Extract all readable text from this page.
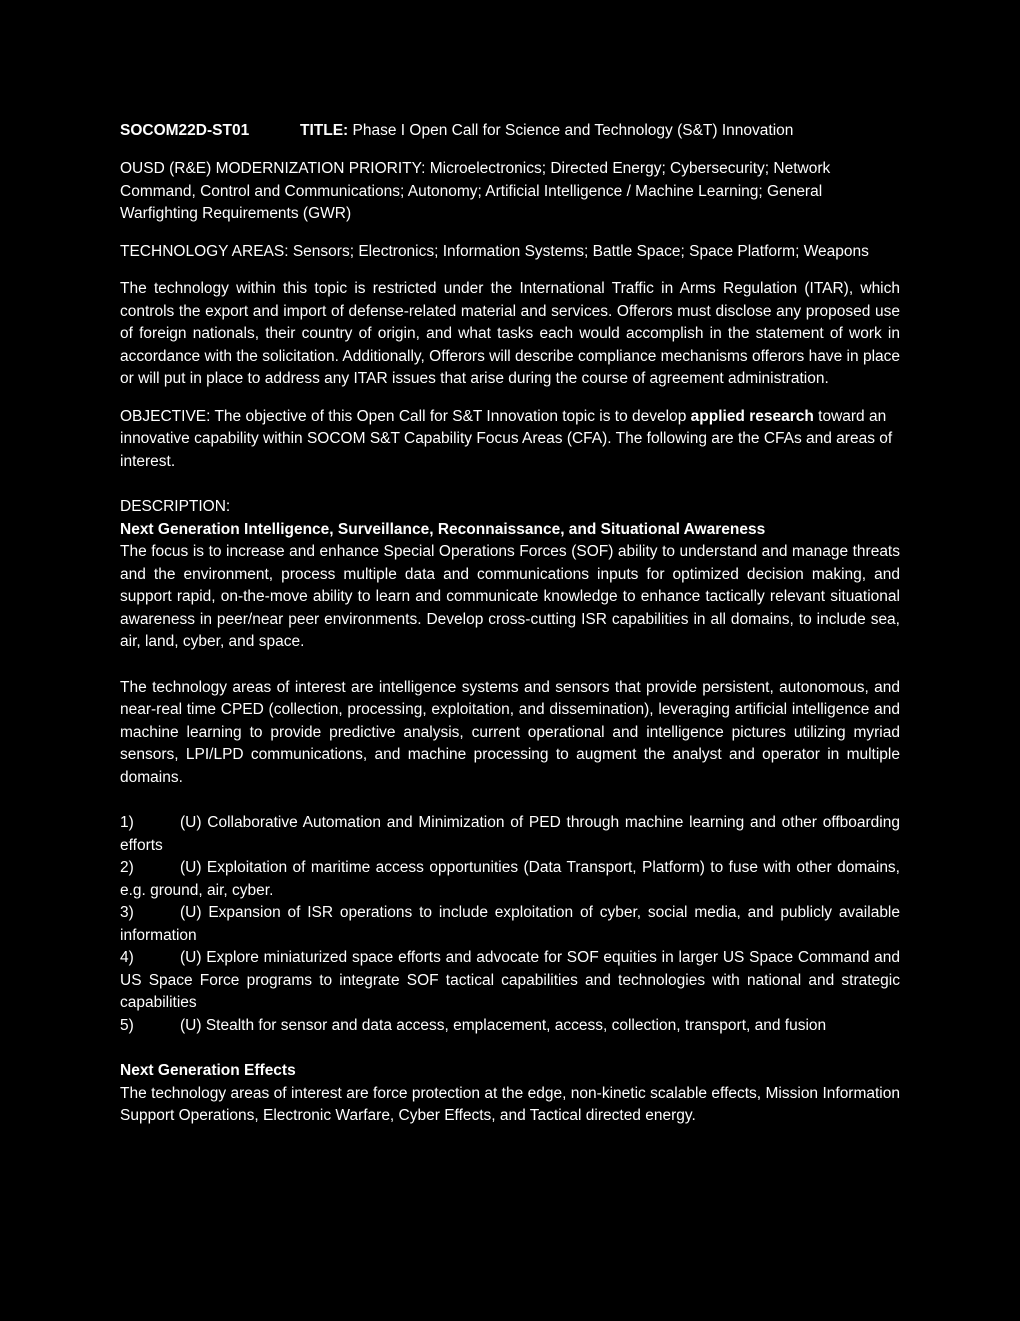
SOCOM22D-ST01	TITLE: Phase I Open Call for Science and Technology (S&T) Innovation

OUSD (R&E) MODERNIZATION PRIORITY: Microelectronics; Directed Energy; Cybersecurity; Network Command, Control and Communications; Autonomy; Artificial Intelligence / Machine Learning; General Warfighting Requirements (GWR)

TECHNOLOGY AREAS: Sensors; Electronics; Information Systems; Battle Space; Space Platform; Weapons

The technology within this topic is restricted under the International Traffic in Arms Regulation (ITAR), which controls the export and import of defense-related material and services. Offerors must disclose any proposed use of foreign nationals, their country of origin, and what tasks each would accomplish in the statement of work in accordance with the solicitation. Additionally, Offerors will describe compliance mechanisms offerors have in place or will put in place to address any ITAR issues that arise during the course of agreement administration.

OBJECTIVE: The objective of this Open Call for S&T Innovation topic is to develop applied research toward an innovative capability within SOCOM S&T Capability Focus Areas (CFA). The following are the CFAs and areas of interest.

DESCRIPTION:

Next Generation Intelligence, Surveillance, Reconnaissance, and Situational Awareness

The focus is to increase and enhance Special Operations Forces (SOF) ability to understand and manage threats and the environment, process multiple data and communications inputs for optimized decision making, and support rapid, on-the-move ability to learn and communicate knowledge to enhance tactically relevant situational awareness in peer/near peer environments. Develop cross-cutting ISR capabilities in all domains, to include sea, air, land, cyber, and space.

The technology areas of interest are intelligence systems and sensors that provide persistent, autonomous, and near-real time CPED (collection, processing, exploitation, and dissemination), leveraging artificial intelligence and machine learning to provide predictive analysis, current operational and intelligence pictures utilizing myriad sensors, LPI/LPD communications, and machine processing to augment the analyst and operator in multiple domains.

1)	(U) Collaborative Automation and Minimization of PED through machine learning and other offboarding efforts
2)	(U) Exploitation of maritime access opportunities (Data Transport, Platform) to fuse with other domains, e.g. ground, air, cyber.
3)	(U) Expansion of ISR operations to include exploitation of cyber, social media, and publicly available information
4)	(U) Explore miniaturized space efforts and advocate for SOF equities in larger US Space Command and US Space Force programs to integrate SOF tactical capabilities and technologies with national and strategic capabilities
5)	(U) Stealth for sensor and data access, emplacement, access, collection, transport, and fusion

Next Generation Effects

The technology areas of interest are force protection at the edge, non-kinetic scalable effects, Mission Information Support Operations, Electronic Warfare, Cyber Effects, and Tactical directed energy.
